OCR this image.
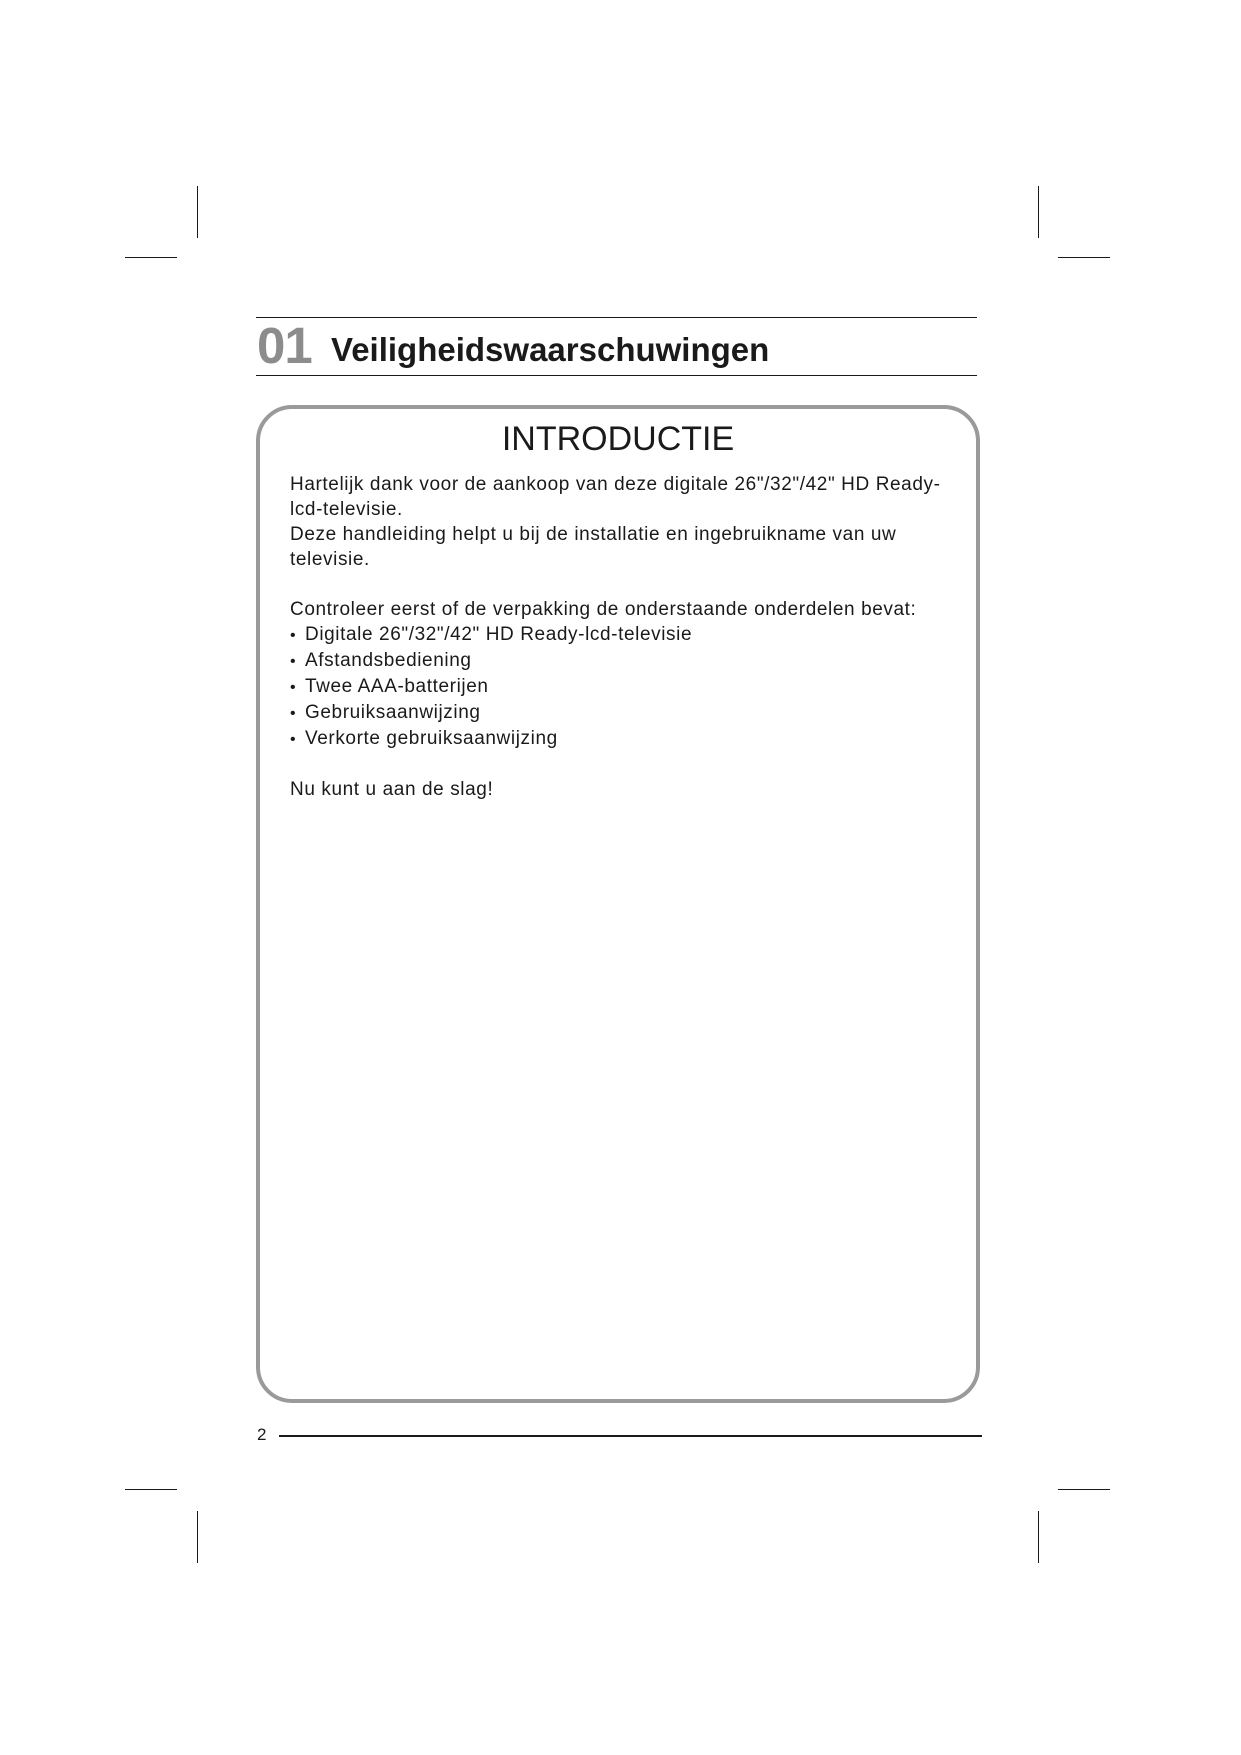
01 Veiligheidswaarschuwingen
INTRODUCTIE

Hartelijk dank voor de aankoop van deze digitale 26"/32"/42" HD Ready-

lcd-televisie.

Deze handleiding helpt u bij de installatie en ingebruikname van uw

televisie.

Controleer eerst of de verpakking de onderstaande onderdelen bevat:

• Digitale 26"/32"/42" HD Ready-lcd-televisie
• Afstandsbediening
• Twee AAA-batterijen
• Gebruiksaanwijzing
• Verkorte gebruiksaanwijzing

Nu kunt u aan de slag!

2
